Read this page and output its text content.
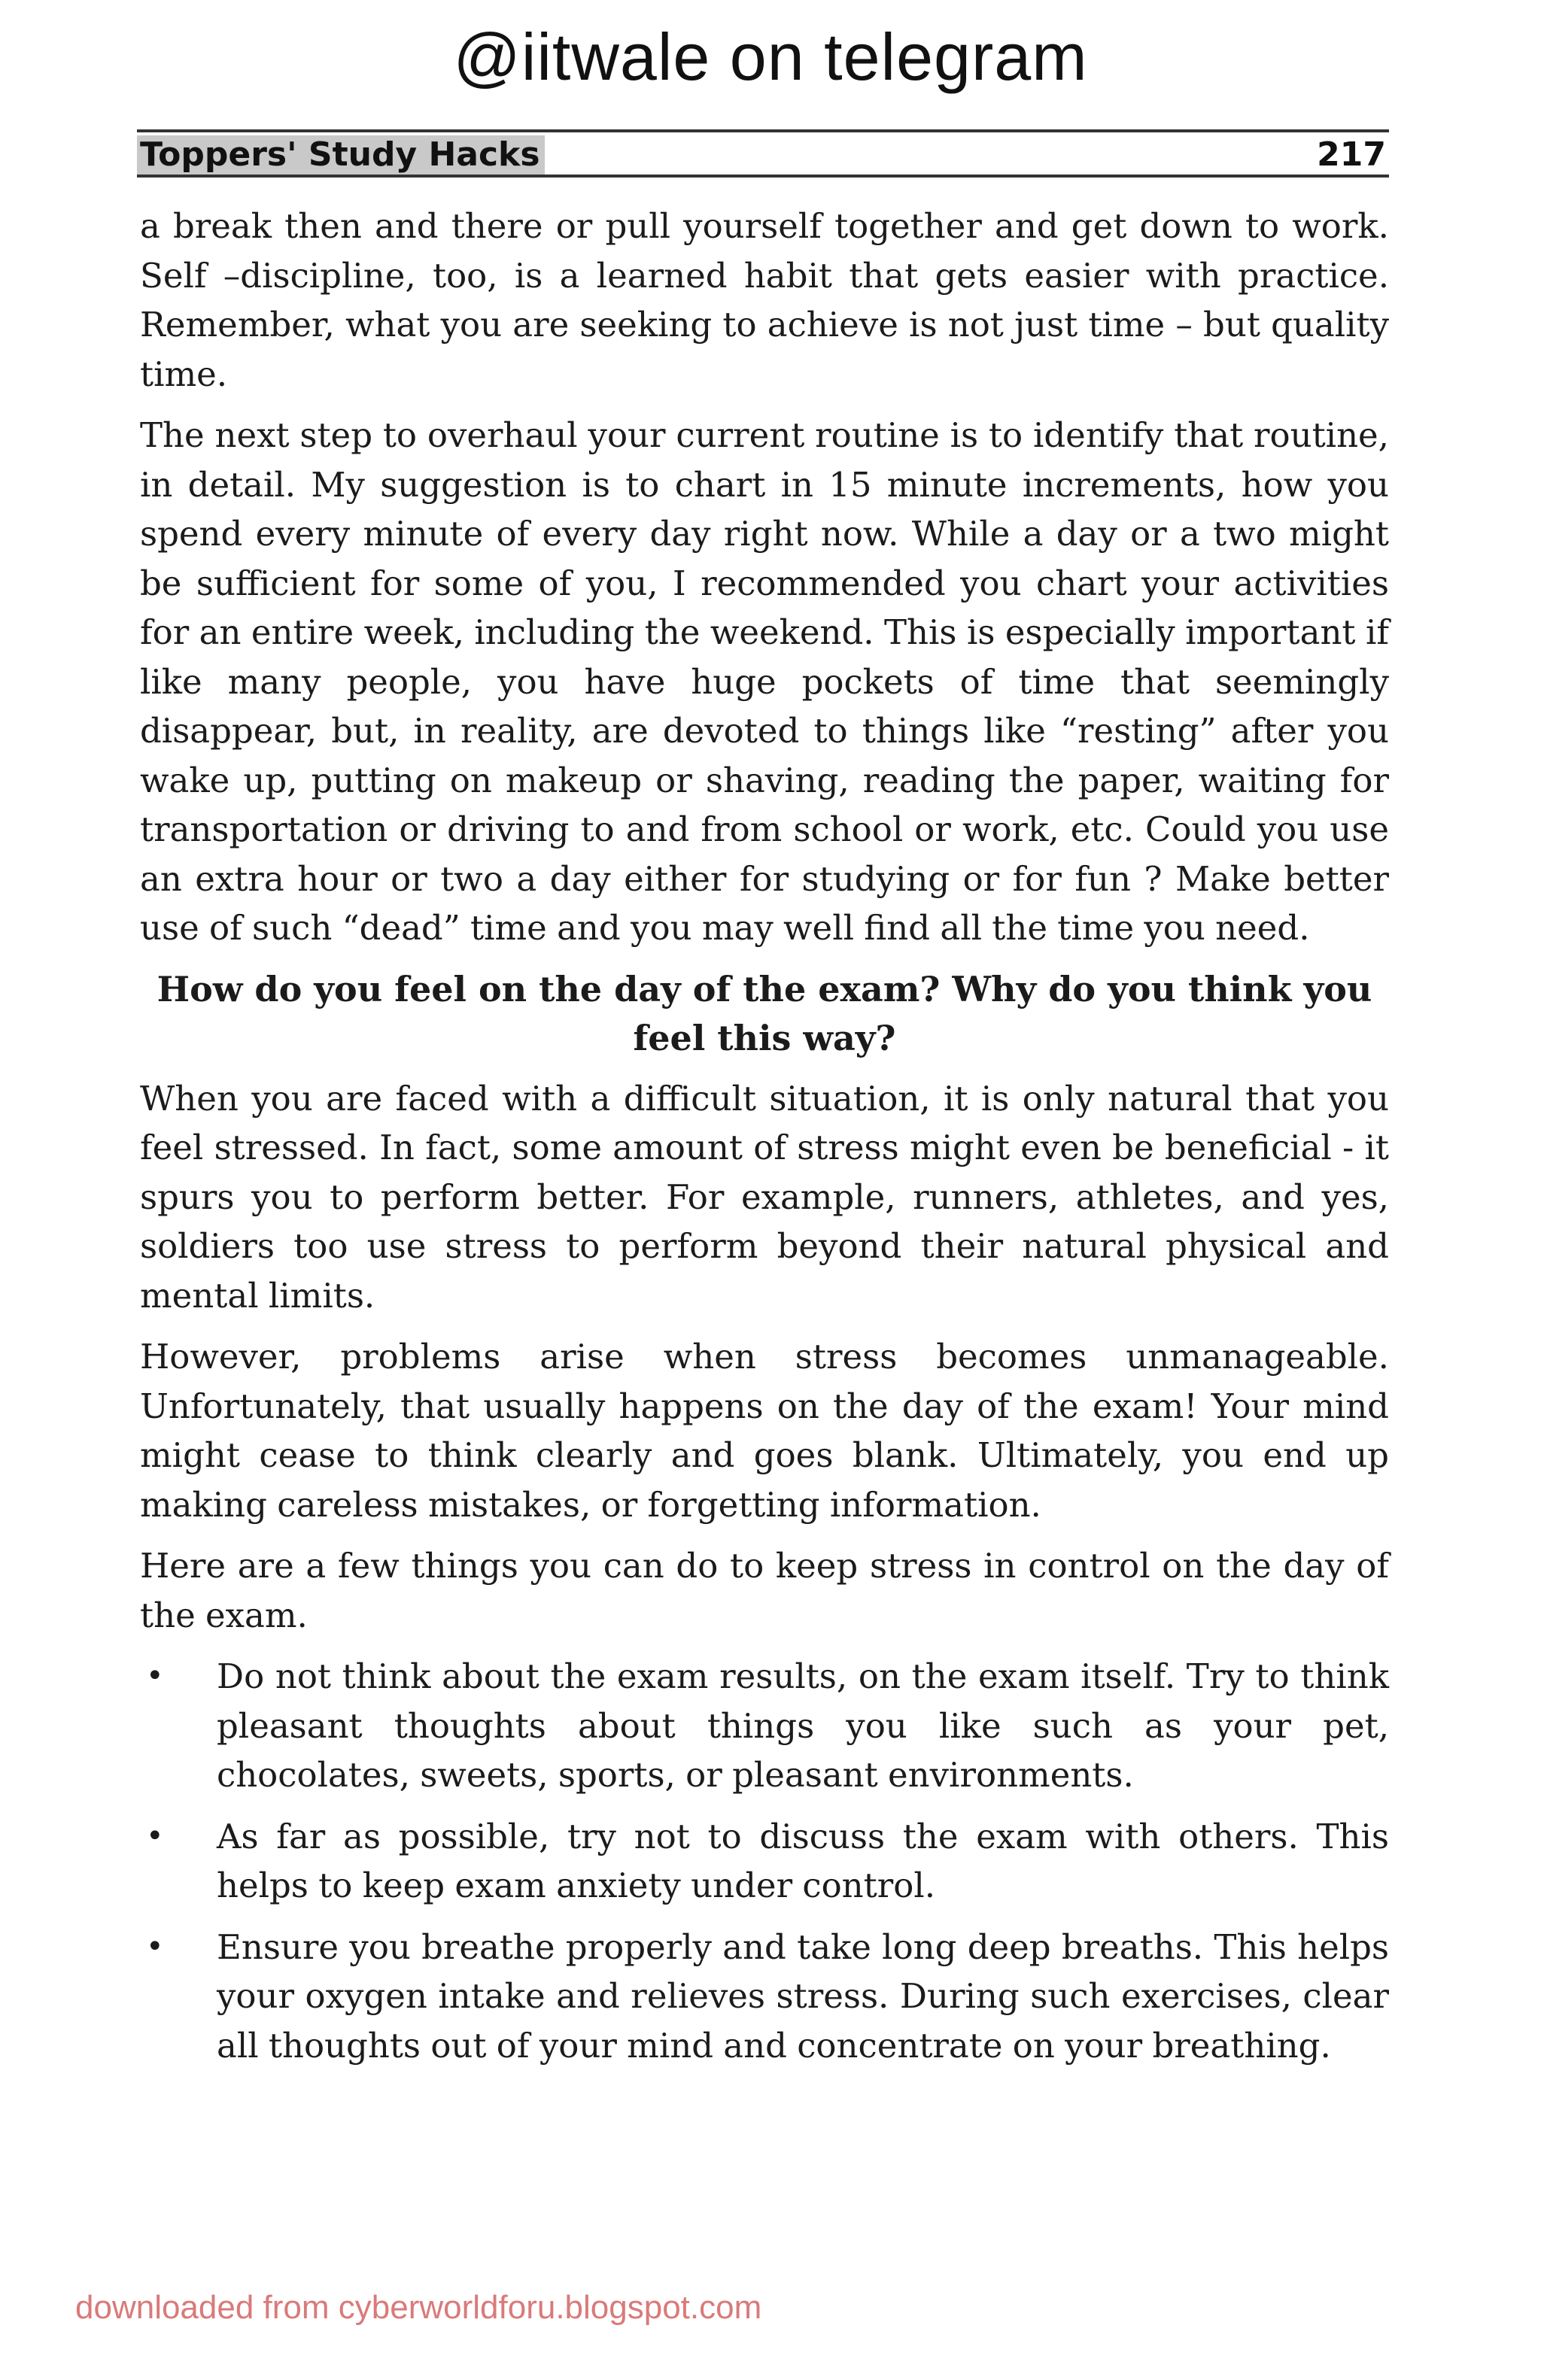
@iitwale on telegram
Toppers' Study Hacks	217

a break then and there or pull yourself together and get down to work. Self –discipline, too, is a learned habit that gets easier with practice. Remember, what you are seeking to achieve is not just time – but quality time.

The next step to overhaul your current routine is to identify that routine, in detail. My suggestion is to chart in 15 minute increments, how you spend every minute of every day right now. While a day or a two might be sufficient for some of you, I recommended you chart your activities for an entire week, including the weekend. This is especially important if like many people, you have huge pockets of time that seemingly disappear, but, in reality, are devoted to things like “resting” after you wake up, putting on makeup or shaving, reading the paper, waiting for transportation or driving to and from school or work, etc. Could you use an extra hour or two a day either for studying or for fun ? Make better use of such “dead” time and you may well find all the time you need.

How do you feel on the day of the exam? Why do you think you feel this way?

When you are faced with a difficult situation, it is only natural that you feel stressed. In fact, some amount of stress might even be beneficial - it spurs you to perform better. For example, runners, athletes, and yes, soldiers too use stress to perform beyond their natural physical and mental limits.

However, problems arise when stress becomes unmanageable. Unfortunately, that usually happens on the day of the exam! Your mind might cease to think clearly and goes blank. Ultimately, you end up making careless mistakes, or forgetting information.

Here are a few things you can do to keep stress in control on the day of the exam.

• Do not think about the exam results, on the exam itself. Try to think pleasant thoughts about things you like such as your pet, chocolates, sweets, sports, or pleasant environments.
• As far as possible, try not to discuss the exam with others. This helps to keep exam anxiety under control.
• Ensure you breathe properly and take long deep breaths. This helps your oxygen intake and relieves stress. During such exercises, clear all thoughts out of your mind and concentrate on your breathing.
downloaded from cyberworldforu.blogspot.com
